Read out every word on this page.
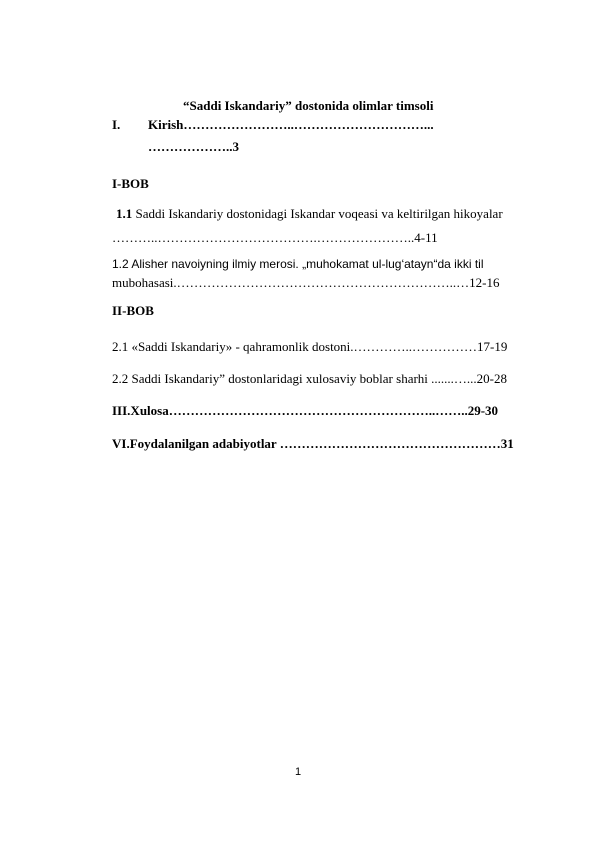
“Saddi Iskandariy” dostonida olimlar timsoli
I. Kirish……………………..…………………………...
………………..3
I-BOB
1.1 Saddi Iskandariy dostonidagi Iskandar voqeasi va keltirilgan hikoyalar
………..……………………………….…………………..4-11
1.2 Alisher navoiyning ilmiy merosi. „muhokamat ul-lug‘atayn“da ikki til
mubohasasi.………………………………………………………..…12-16
II-BOB
2.1 «Saddi Iskandariy» - qahramonlik dostoni.…………..……………17-19
2.2 Saddi Iskandariy” dostonlaridagi xulosaviy boblar sharhi .......…...20-28
III.Xulosa……………………………………………………..……..29-30
VI.Foydalanilgan adabiyotlar ……………………………………………31
1
